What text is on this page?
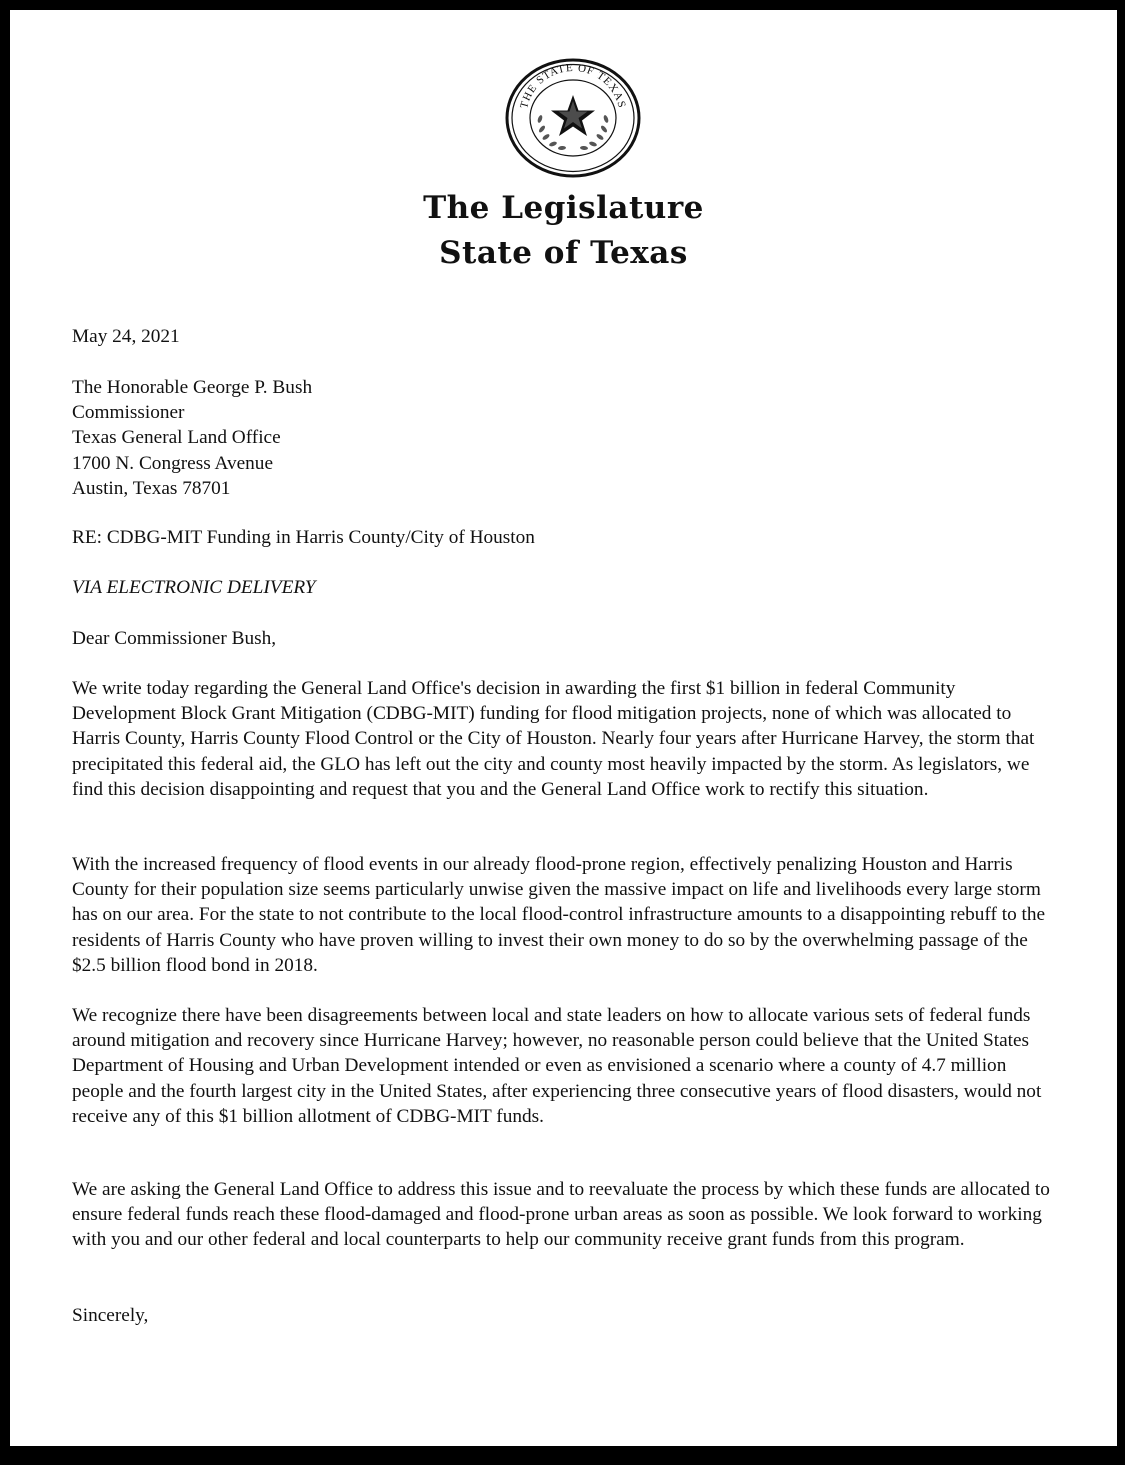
THE STATE OF TEXAS
The Legislature
State of Texas
May 24, 2021
The Honorable George P. Bush
Commissioner
Texas General Land Office
1700 N. Congress Avenue
Austin, Texas 78701
RE: CDBG-MIT Funding in Harris County/City of Houston
VIA ELECTRONIC DELIVERY
Dear Commissioner Bush,
We write today regarding the General Land Office's decision in awarding the first $1 billion in federal Community Development Block Grant Mitigation (CDBG-MIT) funding for flood mitigation projects, none of which was allocated to Harris County, Harris County Flood Control or the City of Houston. Nearly four years after Hurricane Harvey, the storm that precipitated this federal aid, the GLO has left out the city and county most heavily impacted by the storm. As legislators, we find this decision disappointing and request that you and the General Land Office work to rectify this situation.
With the increased frequency of flood events in our already flood-prone region, effectively penalizing Houston and Harris County for their population size seems particularly unwise given the massive impact on life and livelihoods every large storm has on our area. For the state to not contribute to the local flood-control infrastructure amounts to a disappointing rebuff to the residents of Harris County who have proven willing to invest their own money to do so by the overwhelming passage of the $2.5 billion flood bond in 2018.
We recognize there have been disagreements between local and state leaders on how to allocate various sets of federal funds around mitigation and recovery since Hurricane Harvey; however, no reasonable person could believe that the United States Department of Housing and Urban Development intended or even as envisioned a scenario where a county of 4.7 million people and the fourth largest city in the United States, after experiencing three consecutive years of flood disasters, would not receive any of this $1 billion allotment of CDBG-MIT funds.
We are asking the General Land Office to address this issue and to reevaluate the process by which these funds are allocated to ensure federal funds reach these flood-damaged and flood-prone urban areas as soon as possible. We look forward to working with you and our other federal and local counterparts to help our community receive grant funds from this program.
Sincerely,
